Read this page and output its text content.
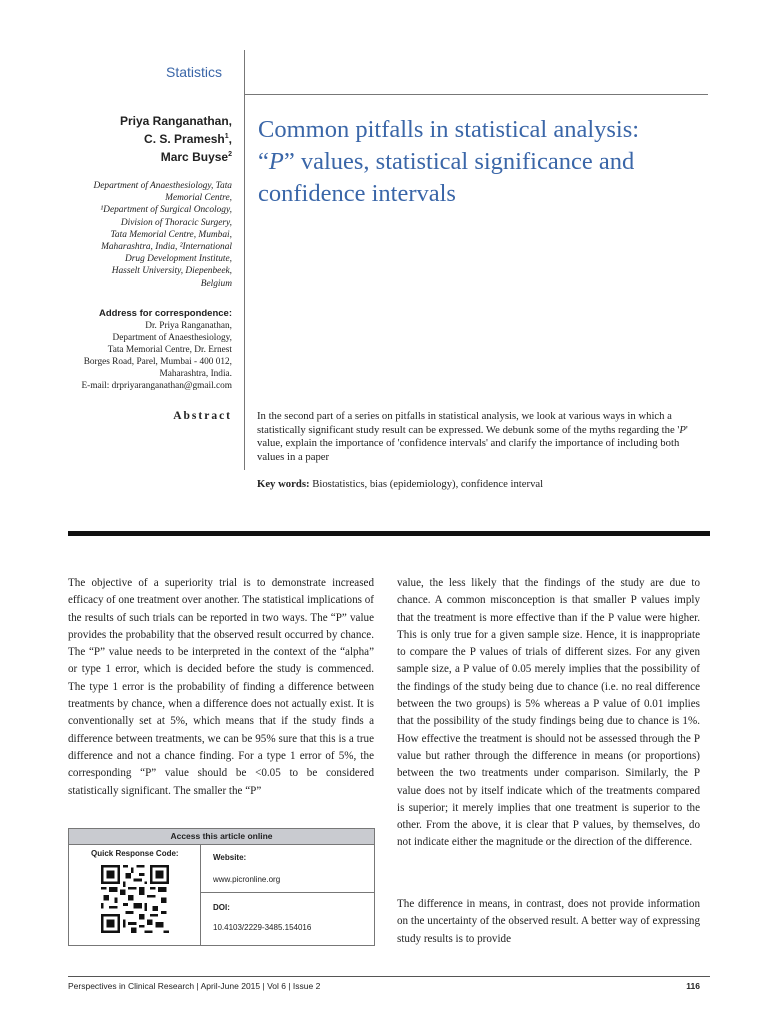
Statistics
Priya Ranganathan,
C. S. Pramesh$^1$,
Marc Buyse$^2$
Common pitfalls in statistical analysis:
“P” values, statistical significance and
confidence intervals
Department of Anaesthesiology, Tata
Memorial Centre,
¹Department of Surgical Oncology,
Division of Thoracic Surgery,
Tata Memorial Centre, Mumbai,
Maharashtra, India, ²International
Drug Development Institute,
Hasselt University, Diepenbeek,
Belgium
Address for correspondence:
Dr. Priya Ranganathan,
Department of Anaesthesiology,
Tata Memorial Centre, Dr. Ernest
Borges Road, Parel, Mumbai - 400 012,
Maharashtra, India.
E-mail: drpriyaranganathan@gmail.com
Abstract In the second part of a series on pitfalls in statistical analysis, we look at various ways in which a statistically significant study result can be expressed. We debunk some of the myths regarding the 'P' value, explain the importance of 'confidence intervals' and clarify the importance of including both values in a paper
Key words: Biostatistics, bias (epidemiology), confidence interval

The objective of a superiority trial is to demonstrate increased efficacy of one treatment over another. The statistical implications of the results of such trials can be reported in two ways. The “P” value provides the probability that the observed result occurred by chance. The “P” value needs to be interpreted in the context of the “alpha” or type 1 error, which is decided before the study is commenced. The type 1 error is the probability of finding a difference between treatments by chance, when a difference does not actually exist. It is conventionally set at 5%, which means that if the study finds a difference between treatments, we can be 95% sure that this is a true difference and not a chance finding. For a type 1 error of 5%, the corresponding “P” value should be <0.05 to be considered statistically significant. The smaller the “P”

value, the less likely that the findings of the study are due to chance. A common misconception is that smaller P values imply that the treatment is more effective than if the P value were higher. This is only true for a given sample size. Hence, it is inappropriate to compare the P values of trials of different sizes. For any given sample size, a P value of 0.05 merely implies that the possibility of the findings of the study being due to chance (i.e. no real difference between the two groups) is 5% whereas a P value of 0.01 implies that the possibility of the study findings being due to chance is 1%. How effective the treatment is should not be assessed through the P value but rather through the difference in means (or proportions) between the two treatments under comparison. Similarly, the P value does not by itself indicate which of the treatments compared is superior; it merely implies that one treatment is superior to the other. From the above, it is clear that P values, by themselves, do not indicate either the magnitude or the direction of the difference.

The difference in means, in contrast, does not provide information on the uncertainty of the observed result. A better way of expressing study results is to provide

Access this article online
Quick Response Code:	Website:
www.picronline.org
DOI:
10.4103/2229-3485.154016
Perspectives in Clinical Research | April-June 2015 | Vol 6 | Issue 2	116
